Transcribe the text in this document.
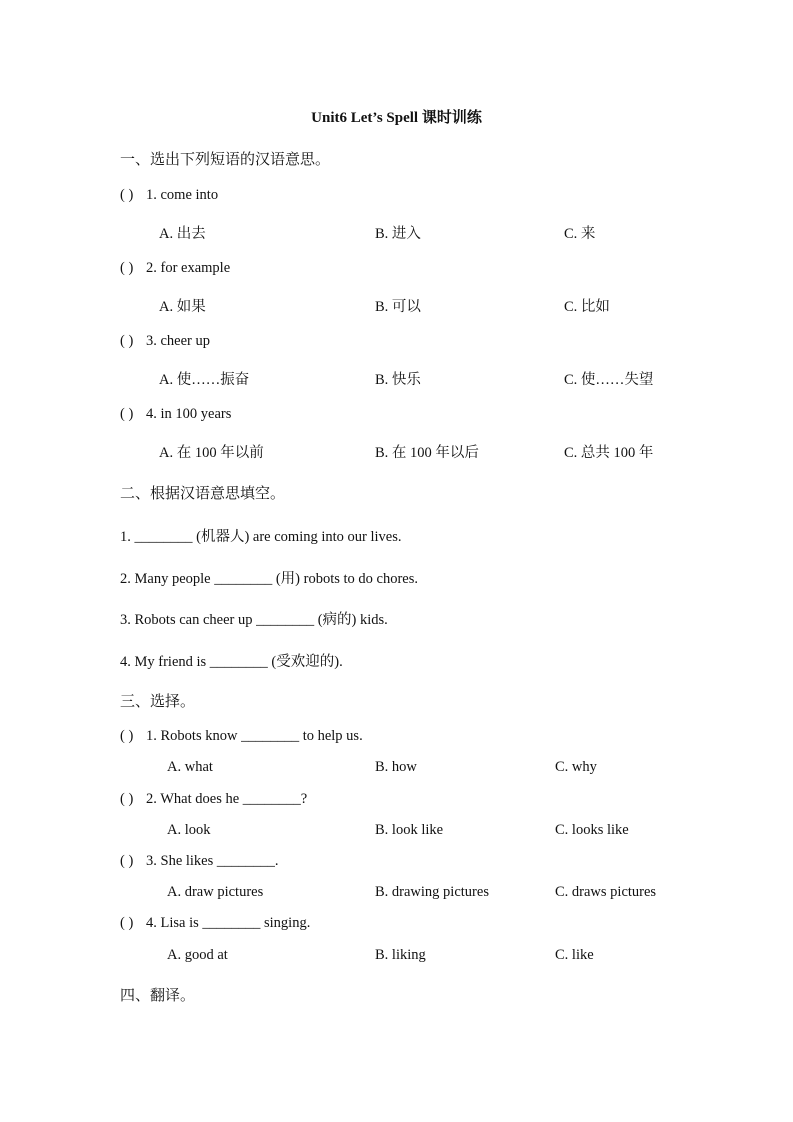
Unit6 Let’s Spell 课时训练
一、选出下列短语的汉语意思。
( ) 1. come into
A. 出去	B. 进入	C. 来
( ) 2. for example
A. 如果	B. 可以	C. 比如
( ) 3. cheer up
A. 使……振奋	B. 快乐	C. 使……失望
( ) 4. in 100 years
A. 在 100 年以前	B. 在 100 年以后	C. 总共 100 年
二、根据汉语意思填空。
1. ________ (机器人) are coming into our lives.
2. Many people ________ (用) robots to do chores.
3. Robots can cheer up ________ (病的) kids.
4. My friend is ________ (受欢迎的).
三、选择。
( ) 1. Robots know ________ to help us.
A. what	B. how	C. why
( ) 2. What does he ________?
A. look	B. look like	C. looks like
( ) 3. She likes ________.
A. draw pictures	B. drawing pictures	C. draws pictures
( ) 4. Lisa is ________ singing.
A. good at	B. liking	C. like
四、翻译。
